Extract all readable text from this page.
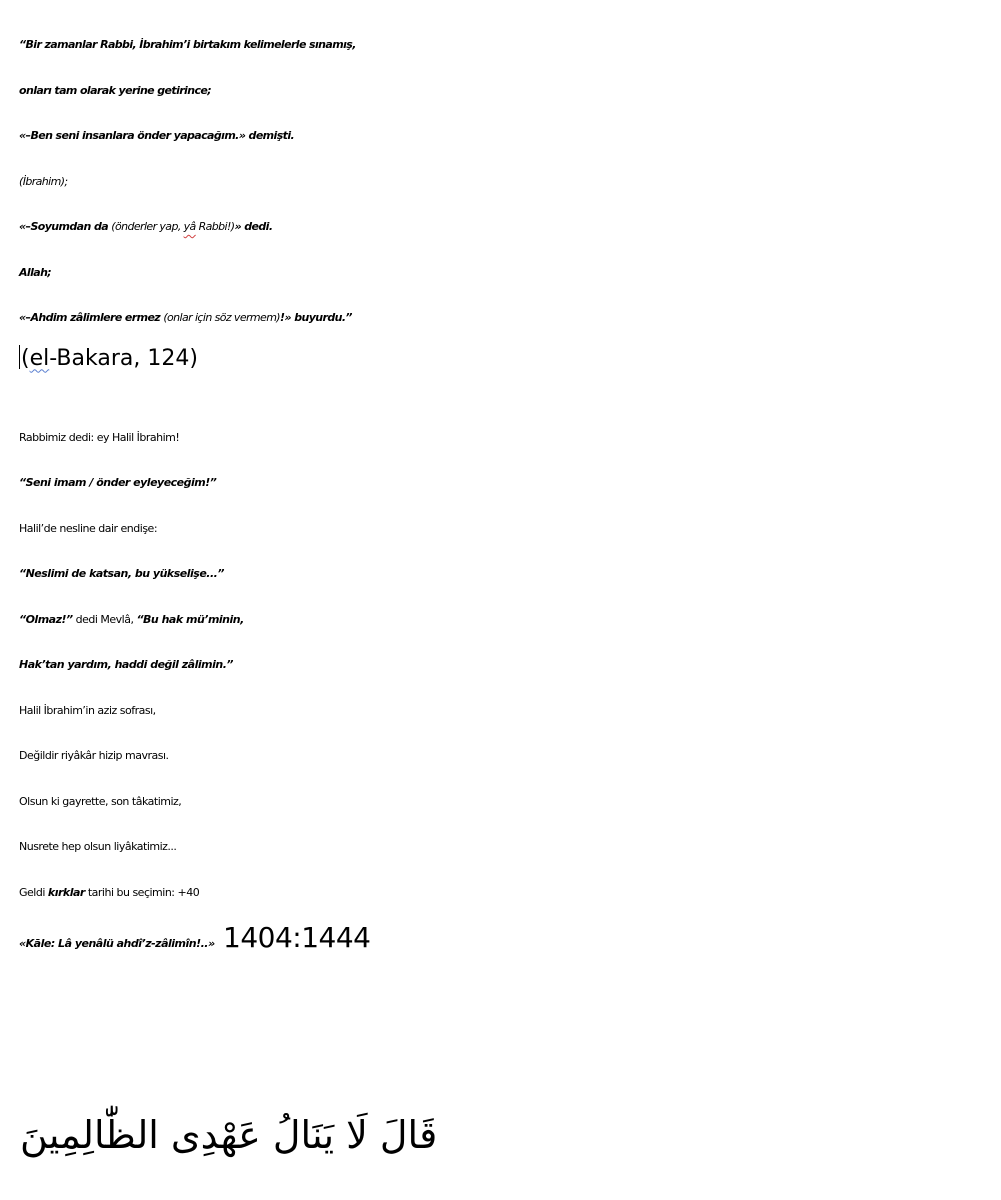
“Bir zamanlar Rabbi, İbrahim’i birtakım kelimelerle sınamış,
onları tam olarak yerine getirince;
«–Ben seni insanlara önder yapacağım.» demişti.
(İbrahim);
«–Soyumdan da (önderler yap, yâ Rabbi!)» dedi.
Allah;
«–Ahdim zâlimlere ermez (onlar için söz vermem)!» buyurdu.”
(el-Bakara, 124)
Rabbimiz dedi: ey Halil İbrahim!
“Seni imam / önder eyleyeceğim!”
Halil’de nesline dair endişe:
“Neslimi de katsan, bu yükselişe...”
“Olmaz!” dedi Mevlâ, “Bu hak mü’minin,
Hak’tan yardım, haddi değil zâlimin.”
Halil İbrahim’in aziz sofrası,
Değildir riyâkâr hizip mavrası.
Olsun ki gayrette, son tâkatimiz,
Nusrete hep olsun liyâkatimiz...
Geldi kırklar tarihi bu seçimin: +40
«Kāle: Lâ yenâlü ahdî’z-zâlimîn!..» 1404:1444
قَالَ لَا يَنَالُ عَهْدِى الظّٰالِمِينَ
